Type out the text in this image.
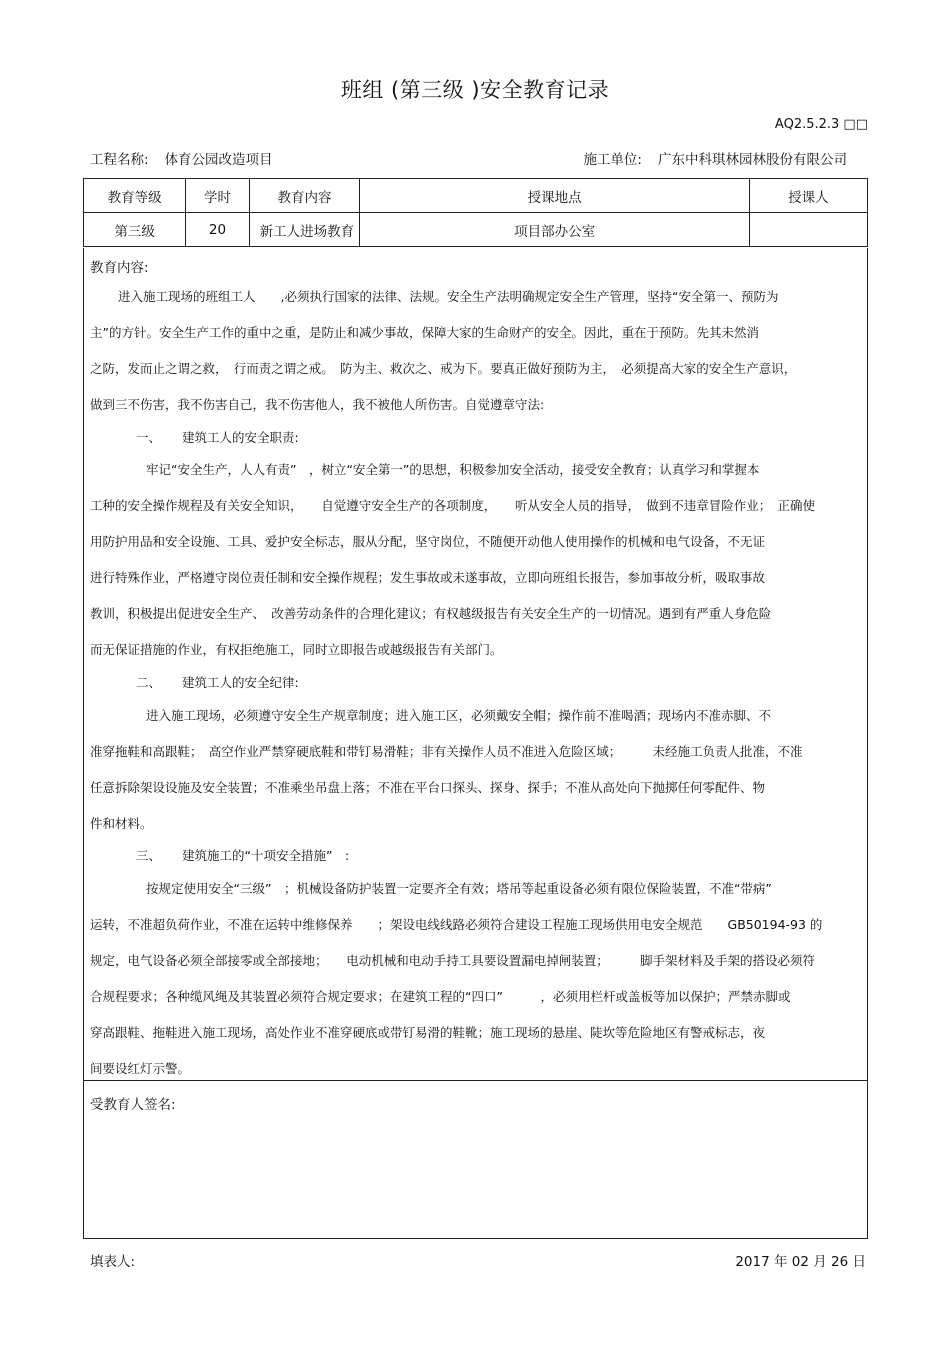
班组 (第三级 )安全教育记录
AQ2.5.2.3 □□
工程名称: 体育公园改造项目	施工单位: 广东中科琪林园林股份有限公司
教育等级	学时	教育内容	授课地点	授课人
第三级	20	新工人进场教育	项目部办公室	
教育内容:
进入施工现场的班组工人　　,必须执行国家的法律、法规。安全生产法明确规定安全生产管理，坚持“安全第一、预防为
主”的方针。安全生产工作的重中之重，是防止和减少事故，保障大家的生命财产的安全。因此，重在于预防。先其未然消
之防，发而止之谓之救，　行而责之谓之戒。　防为主、救次之、戒为下。要真正做好预防为主，　必须提高大家的安全生产意识，
做到三不伤害，我不伤害自己，我不伤害他人，我不被他人所伤害。自觉遵章守法:
一、 建筑工人的安全职责:
牢记“安全生产，人人有责”　，树立“安全第一”的思想，积极参加安全活动，接受安全教育；认真学习和掌握本
工种的安全操作规程及有关安全知识，　　自觉遵守安全生产的各项制度，　　听从安全人员的指导，　做到不违章冒险作业；　正确使
用防护用品和安全设施、工具、爱护安全标志，服从分配，坚守岗位，不随便开动他人使用操作的机械和电气设备，不无证
进行特殊作业，严格遵守岗位责任制和安全操作规程；发生事故或未遂事故，立即向班组长报告，参加事故分析，吸取事故
教训，积极提出促进安全生产、　改善劳动条件的合理化建议；有权越级报告有关安全生产的一切情况。遇到有严重人身危险
而无保证措施的作业，有权拒绝施工，同时立即报告或越级报告有关部门。
二、 建筑工人的安全纪律:
进入施工现场，必须遵守安全生产规章制度；进入施工区，必须戴安全帽；操作前不准喝酒；现场内不准赤脚、不
准穿拖鞋和高跟鞋；　高空作业严禁穿硬底鞋和带钉易滑鞋；非有关操作人员不准进入危险区域；　　　未经施工负责人批准，不准
任意拆除架设设施及安全装置；不准乘坐吊盘上落；不准在平台口探头、探身、探手；不准从高处向下抛掷任何零配件、物
件和材料。
三、 建筑施工的“十项安全措施”　:
按规定使用安全“三级”　；机械设备防护装置一定要齐全有效；塔吊等起重设备必须有限位保险装置，不准“带病”
运转，不准超负荷作业，不准在运转中维修保养　　；架设电线线路必须符合建设工程施工现场供用电安全规范　　GB50194-93 的
规定，电气设备必须全部接零或全部接地；　　电动机械和电动手持工具要设置漏电掉闸装置；　　　脚手架材料及手架的搭设必须符
合规程要求；各种缆风绳及其装置必须符合规定要求；在建筑工程的“四口”　　　，必须用栏杆或盖板等加以保护；严禁赤脚或
穿高跟鞋、拖鞋进入施工现场，高处作业不准穿硬底或带钉易滑的鞋靴；施工现场的悬崖、陡坎等危险地区有警戒标志，夜
间要设红灯示警。
受教育人签名:
填表人:	2017 年 02 月 26 日
